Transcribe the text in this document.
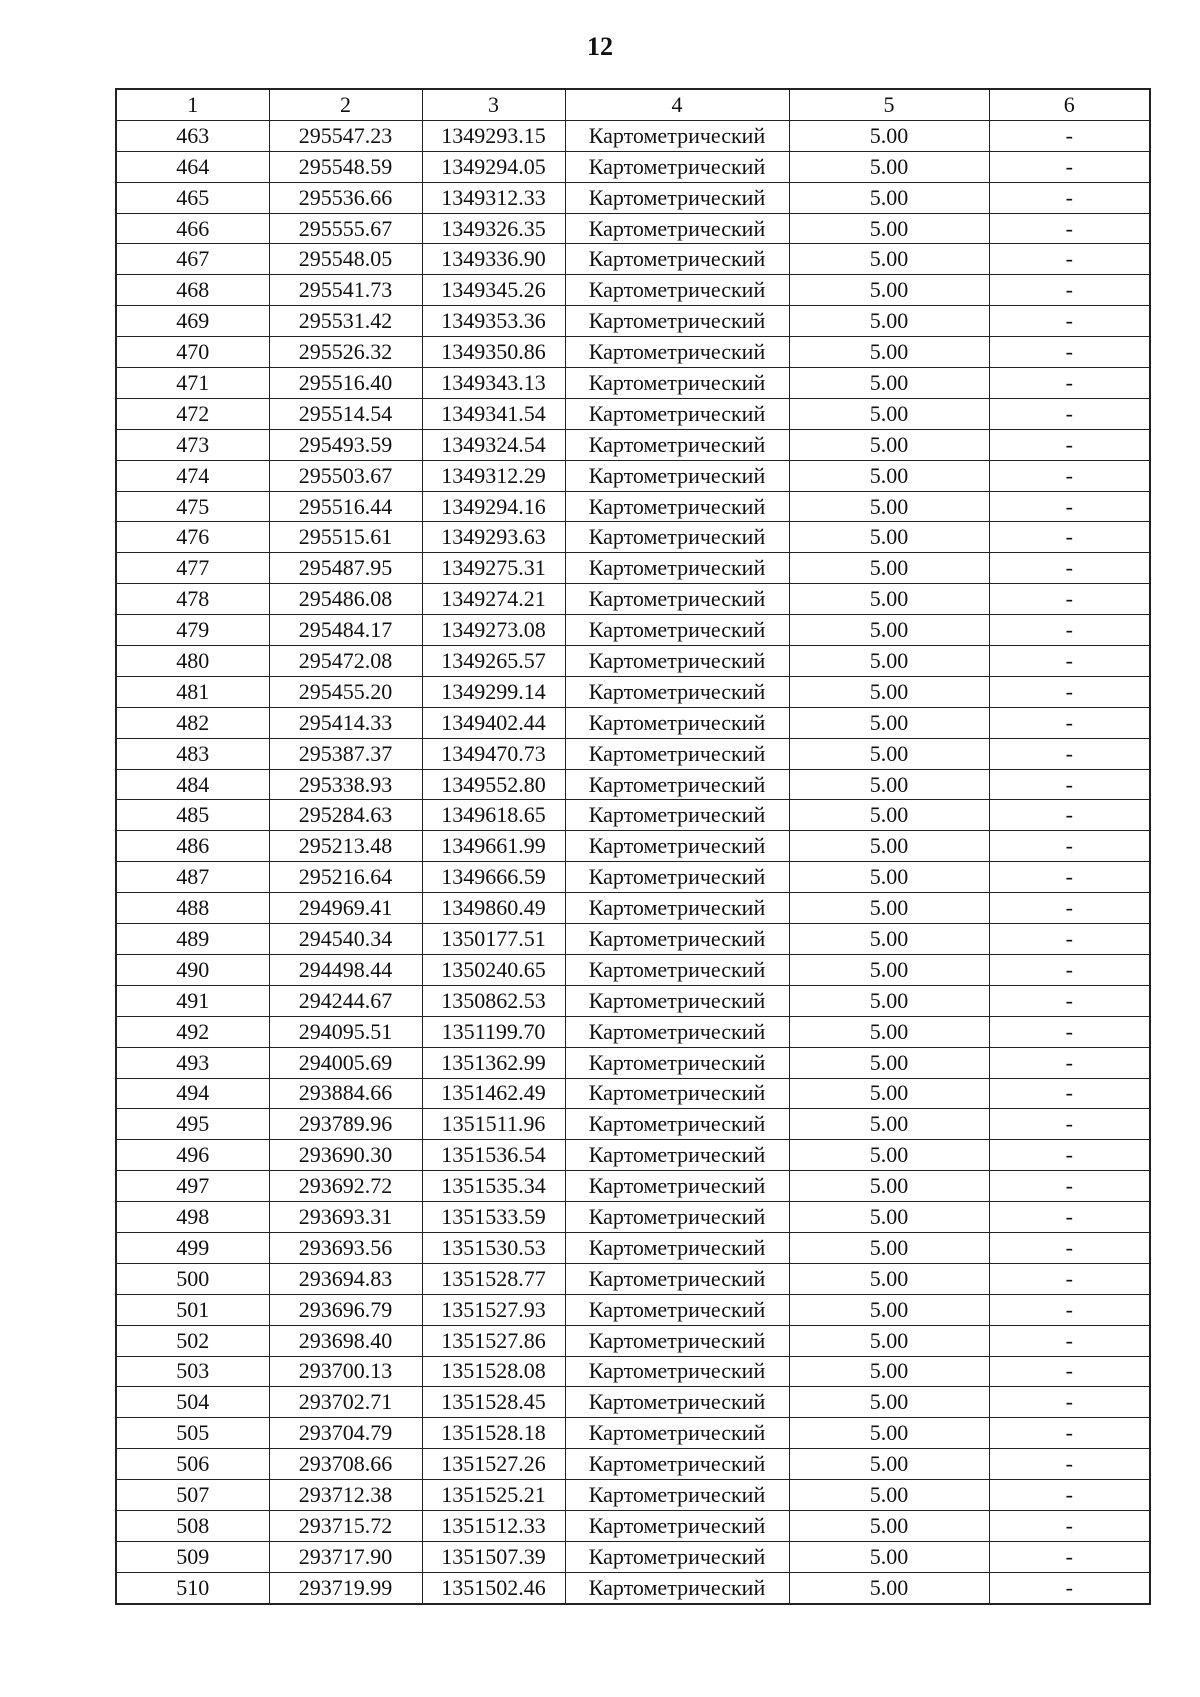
12
1	2	3	4	5	6
463	295547.23	1349293.15	Картометрический	5.00	-
464	295548.59	1349294.05	Картометрический	5.00	-
465	295536.66	1349312.33	Картометрический	5.00	-
466	295555.67	1349326.35	Картометрический	5.00	-
467	295548.05	1349336.90	Картометрический	5.00	-
468	295541.73	1349345.26	Картометрический	5.00	-
469	295531.42	1349353.36	Картометрический	5.00	-
470	295526.32	1349350.86	Картометрический	5.00	-
471	295516.40	1349343.13	Картометрический	5.00	-
472	295514.54	1349341.54	Картометрический	5.00	-
473	295493.59	1349324.54	Картометрический	5.00	-
474	295503.67	1349312.29	Картометрический	5.00	-
475	295516.44	1349294.16	Картометрический	5.00	-
476	295515.61	1349293.63	Картометрический	5.00	-
477	295487.95	1349275.31	Картометрический	5.00	-
478	295486.08	1349274.21	Картометрический	5.00	-
479	295484.17	1349273.08	Картометрический	5.00	-
480	295472.08	1349265.57	Картометрический	5.00	-
481	295455.20	1349299.14	Картометрический	5.00	-
482	295414.33	1349402.44	Картометрический	5.00	-
483	295387.37	1349470.73	Картометрический	5.00	-
484	295338.93	1349552.80	Картометрический	5.00	-
485	295284.63	1349618.65	Картометрический	5.00	-
486	295213.48	1349661.99	Картометрический	5.00	-
487	295216.64	1349666.59	Картометрический	5.00	-
488	294969.41	1349860.49	Картометрический	5.00	-
489	294540.34	1350177.51	Картометрический	5.00	-
490	294498.44	1350240.65	Картометрический	5.00	-
491	294244.67	1350862.53	Картометрический	5.00	-
492	294095.51	1351199.70	Картометрический	5.00	-
493	294005.69	1351362.99	Картометрический	5.00	-
494	293884.66	1351462.49	Картометрический	5.00	-
495	293789.96	1351511.96	Картометрический	5.00	-
496	293690.30	1351536.54	Картометрический	5.00	-
497	293692.72	1351535.34	Картометрический	5.00	-
498	293693.31	1351533.59	Картометрический	5.00	-
499	293693.56	1351530.53	Картометрический	5.00	-
500	293694.83	1351528.77	Картометрический	5.00	-
501	293696.79	1351527.93	Картометрический	5.00	-
502	293698.40	1351527.86	Картометрический	5.00	-
503	293700.13	1351528.08	Картометрический	5.00	-
504	293702.71	1351528.45	Картометрический	5.00	-
505	293704.79	1351528.18	Картометрический	5.00	-
506	293708.66	1351527.26	Картометрический	5.00	-
507	293712.38	1351525.21	Картометрический	5.00	-
508	293715.72	1351512.33	Картометрический	5.00	-
509	293717.90	1351507.39	Картометрический	5.00	-
510	293719.99	1351502.46	Картометрический	5.00	-
